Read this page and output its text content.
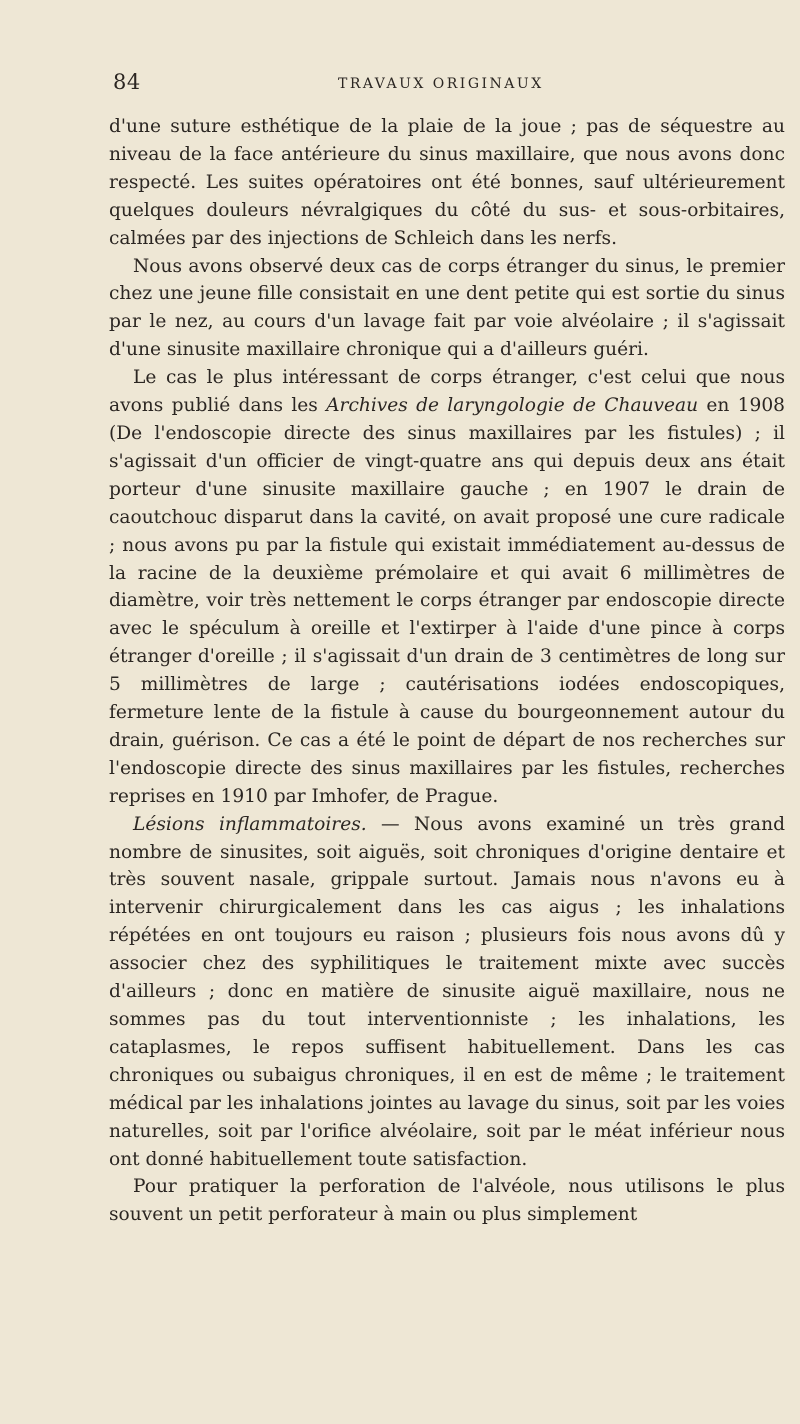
84	TRAVAUX ORIGINAUX

d'une suture esthétique de la plaie de la joue ; pas de séquestre au niveau de la face antérieure du sinus maxillaire, que nous avons donc respecté. Les suites opératoires ont été bonnes, sauf ultérieurement quelques douleurs névralgiques du côté du sus- et sous-orbitaires, calmées par des injections de Schleich dans les nerfs.

Nous avons observé deux cas de corps étranger du sinus, le premier chez une jeune fille consistait en une dent petite qui est sortie du sinus par le nez, au cours d'un lavage fait par voie alvéolaire ; il s'agissait d'une sinusite maxillaire chronique qui a d'ailleurs guéri.

Le cas le plus intéressant de corps étranger, c'est celui que nous avons publié dans les Archives de laryngologie de Chauveau en 1908 (De l'endoscopie directe des sinus maxillaires par les fistules) ; il s'agissait d'un officier de vingt-quatre ans qui depuis deux ans était porteur d'une sinusite maxillaire gauche ; en 1907 le drain de caoutchouc disparut dans la cavité, on avait proposé une cure radicale ; nous avons pu par la fistule qui existait immédiatement au-dessus de la racine de la deuxième prémolaire et qui avait 6 millimètres de diamètre, voir très nettement le corps étranger par endoscopie directe avec le spéculum à oreille et l'extirper à l'aide d'une pince à corps étranger d'oreille ; il s'agissait d'un drain de 3 centimètres de long sur 5 millimètres de large ; cautérisations iodées endoscopiques, fermeture lente de la fistule à cause du bourgeonnement autour du drain, guérison. Ce cas a été le point de départ de nos recherches sur l'endoscopie directe des sinus maxillaires par les fistules, recherches reprises en 1910 par Imhofer, de Prague.

Lésions inflammatoires. — Nous avons examiné un très grand nombre de sinusites, soit aiguës, soit chroniques d'origine dentaire et très souvent nasale, grippale surtout. Jamais nous n'avons eu à intervenir chirurgicalement dans les cas aigus ; les inhalations répétées en ont toujours eu raison ; plusieurs fois nous avons dû y associer chez des syphilitiques le traitement mixte avec succès d'ailleurs ; donc en matière de sinusite aiguë maxillaire, nous ne sommes pas du tout interventionniste ; les inhalations, les cataplasmes, le repos suffisent habituellement. Dans les cas chroniques ou subaigus chroniques, il en est de même ; le traitement médical par les inhalations jointes au lavage du sinus, soit par les voies naturelles, soit par l'orifice alvéolaire, soit par le méat inférieur nous ont donné habituellement toute satisfaction.

Pour pratiquer la perforation de l'alvéole, nous utilisons le plus souvent un petit perforateur à main ou plus simplement
